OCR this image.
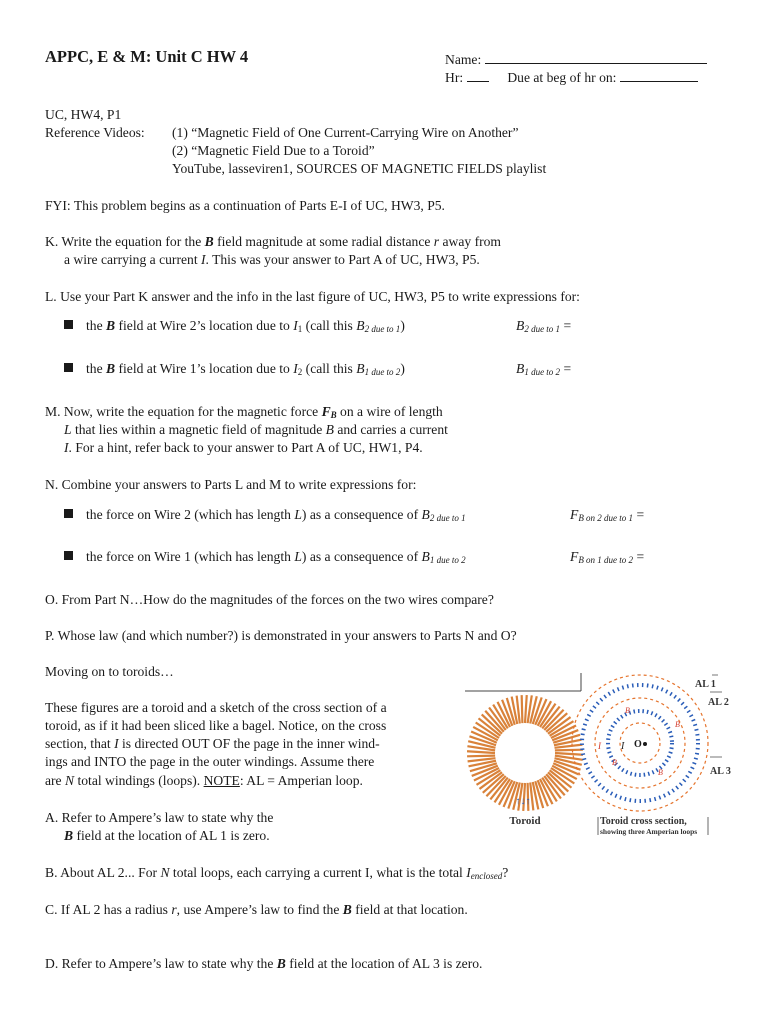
APPC, E & M: Unit C HW 4	Name:
Hr:	Due at beg of hr on:
UC, HW4, P1
Reference Videos: (1) “Magnetic Field of One Current-Carrying Wire on Another”
(2) “Magnetic Field Due to a Toroid”
YouTube, lasseviren1, SOURCES OF MAGNETIC FIELDS playlist
FYI: This problem begins as a continuation of Parts E-I of UC, HW3, P5.
K. Write the equation for the B field magnitude at some radial distance r away from
a wire carrying a current I. This was your answer to Part A of UC, HW3, P5.
L. Use your Part K answer and the info in the last figure of UC, HW3, P5 to write expressions for:
the B field at Wire 2’s location due to $I_1$ (call this $B_{2 due to 1}$)	$B_{2 due to 1}$ =
the B field at Wire 1’s location due to $I_2$ (call this $B_{1 due to 2}$)	$B_{1 due to 2}$ =
M. Now, write the equation for the magnetic force $F_B$ on a wire of length
L that lies within a magnetic field of magnitude B and carries a current
I. For a hint, refer back to your answer to Part A of UC, HW1, P4.
N. Combine your answers to Parts L and M to write expressions for:
the force on Wire 2 (which has length L) as a consequence of $B_{2 due to 1}$	$F_{B on 2 due to 1}$ =
the force on Wire 1 (which has length L) as a consequence of $B_{1 due to 2}$	$F_{B on 1 due to 2}$ =
O. From Part N…How do the magnitudes of the forces on the two wires compare?
P. Whose law (and which number?) is demonstrated in your answers to Parts N and O?
Moving on to toroids…
These figures are a toroid and a sketch of the cross section of a
toroid, as if it had been sliced like a bagel. Notice, on the cross
section, that I is directed OUT OF the page in the inner wind-
ings and INTO the page in the outer windings. Assume there
are N total windings (loops). NOTE: AL = Amperian loop.
A. Refer to Ampere’s law to state why the
B field at the location of AL 1 is zero.
B. About AL 2... For N total loops, each carrying a current I, what is the total $I_{enclosed}$?
C. If AL 2 has a radius r, use Ampere’s law to find the B field at that location.
D. Refer to Ampere’s law to state why the B field at the location of AL 3 is zero.
Toroid
↑↓↑
O
I
I
B
B
B
B
AL 1
AL 2
AL 3
Toroid cross section,
showing three Amperian loops
